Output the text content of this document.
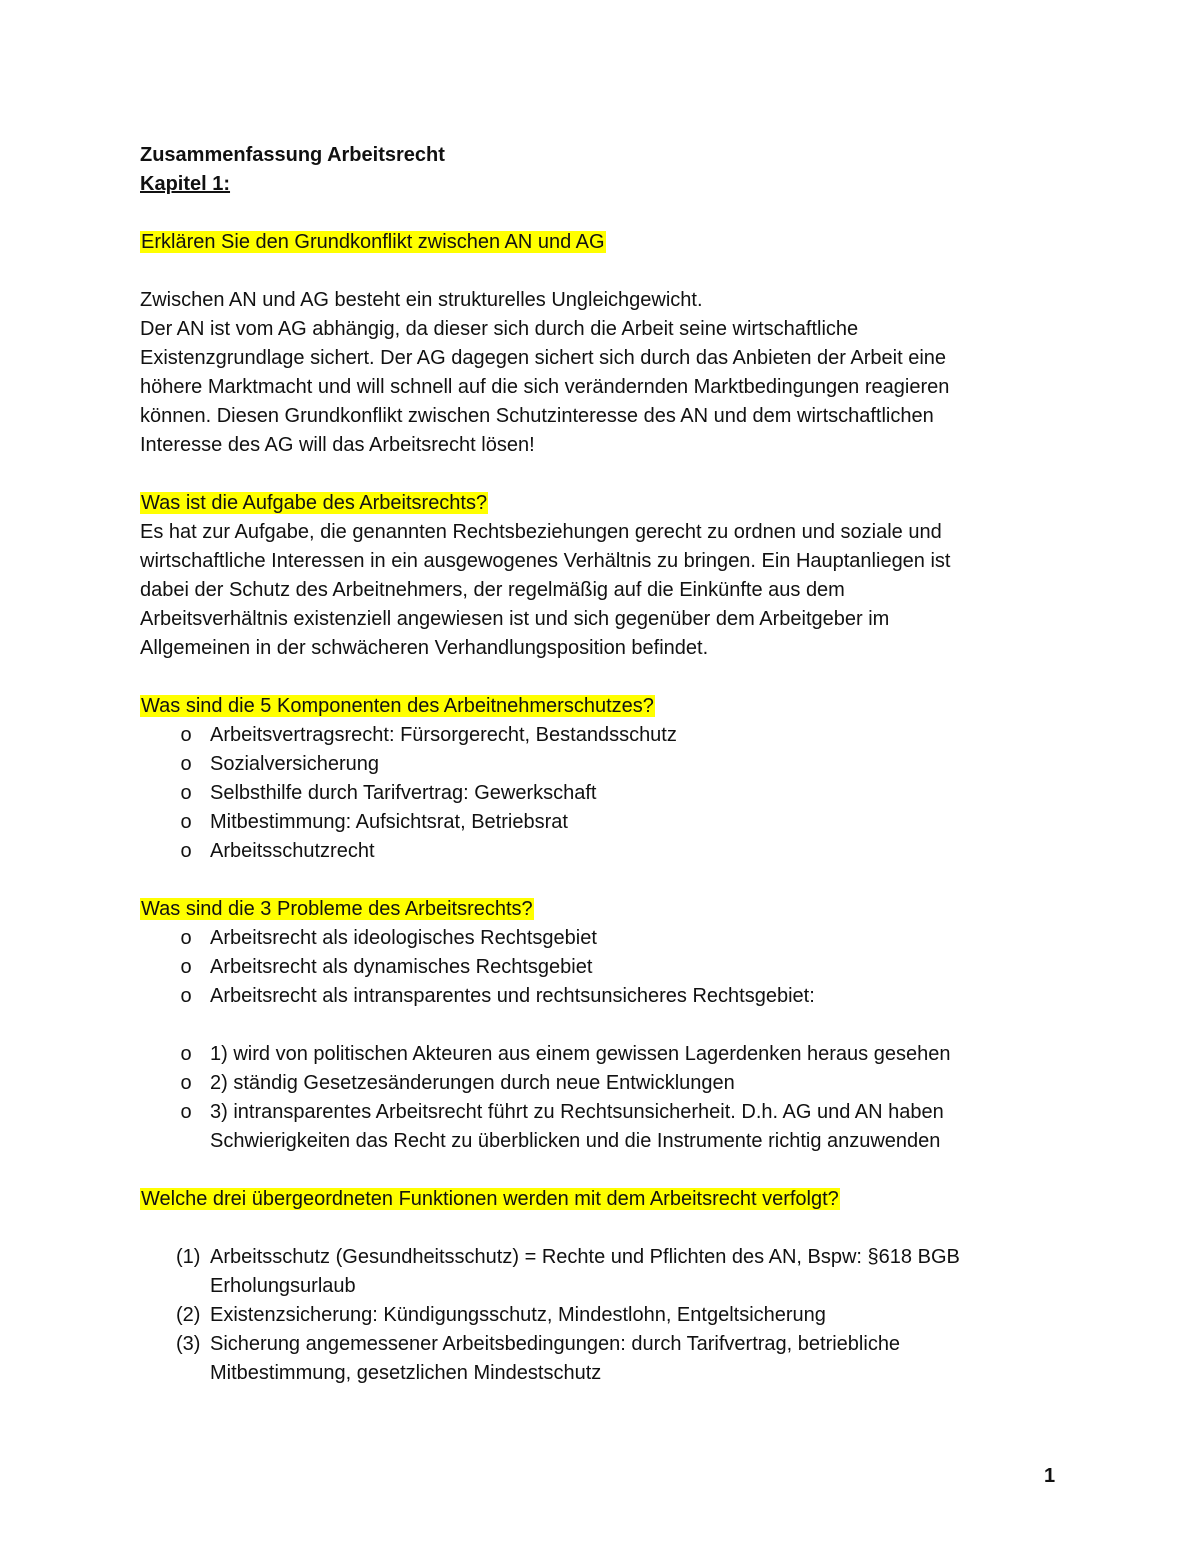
Zusammenfassung Arbeitsrecht

Kapitel 1:

Erklären Sie den Grundkonflikt zwischen AN und AG

Zwischen AN und AG besteht ein strukturelles Ungleichgewicht.

Der AN ist vom AG abhängig, da dieser sich durch die Arbeit seine wirtschaftliche

Existenzgrundlage sichert. Der AG dagegen sichert sich durch das Anbieten der Arbeit eine

höhere Marktmacht und will schnell auf die sich verändernden Marktbedingungen reagieren

können. Diesen Grundkonflikt zwischen Schutzinteresse des AN und dem wirtschaftlichen

Interesse des AG will das Arbeitsrecht lösen!

Was ist die Aufgabe des Arbeitsrechts?

Es hat zur Aufgabe, die genannten Rechtsbeziehungen gerecht zu ordnen und soziale und

wirtschaftliche Interessen in ein ausgewogenes Verhältnis zu bringen. Ein Hauptanliegen ist

dabei der Schutz des Arbeitnehmers, der regelmäßig auf die Einkünfte aus dem

Arbeitsverhältnis existenziell angewiesen ist und sich gegenüber dem Arbeitgeber im

Allgemeinen in der schwächeren Verhandlungsposition befindet.

Was sind die 5 Komponenten des Arbeitnehmerschutzes?

o Arbeitsvertragsrecht: Fürsorgerecht, Bestandsschutz
o Sozialversicherung
o Selbsthilfe durch Tarifvertrag: Gewerkschaft
o Mitbestimmung: Aufsichtsrat, Betriebsrat
o Arbeitsschutzrecht

Was sind die 3 Probleme des Arbeitsrechts?

o Arbeitsrecht als ideologisches Rechtsgebiet
o Arbeitsrecht als dynamisches Rechtsgebiet
o Arbeitsrecht als intransparentes und rechtsunsicheres Rechtsgebiet:
o 1) wird von politischen Akteuren aus einem gewissen Lagerdenken heraus gesehen
o 2) ständig Gesetzesänderungen durch neue Entwicklungen
o 3) intransparentes Arbeitsrecht führt zu Rechtsunsicherheit. D.h. AG und AN haben Schwierigkeiten das Recht zu überblicken und die Instrumente richtig anzuwenden

Welche drei übergeordneten Funktionen werden mit dem Arbeitsrecht verfolgt?

(1) Arbeitsschutz (Gesundheitsschutz) = Rechte und Pflichten des AN, Bspw: §618 BGB Erholungsurlaub
(2) Existenzsicherung: Kündigungsschutz, Mindestlohn, Entgeltsicherung
(3) Sicherung angemessener Arbeitsbedingungen: durch Tarifvertrag, betriebliche Mitbestimmung, gesetzlichen Mindestschutz
1
